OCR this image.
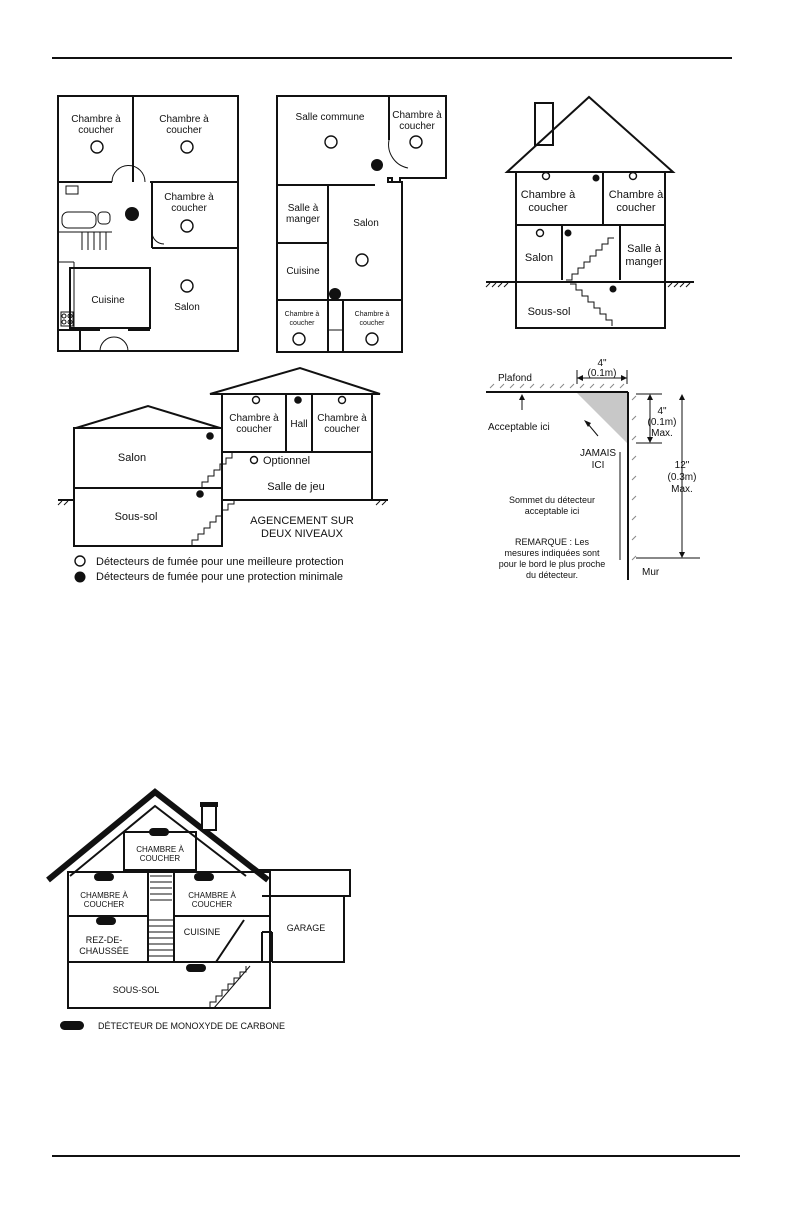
Chambre à
coucher
Chambre à
coucher
Chambre à
coucher
Cuisine
Salon
Salle commune	Chambre à
coucher
Salle à
manger	Salon
Cuisine
Chambre à
coucher
Chambre à
coucher
Chambre à
coucher
Chambre à
coucher
Salon
Salle à
manger
Sous-sol
Chambre à
coucher Hall
Chambre à
coucher
Salon	Optionnel
Salle de jeu
Sous-sol	AGENCEMENT SUR
DEUX NIVEAUX
Détecteurs de fumée pour une meilleure protection
Détecteurs de fumée pour une protection minimale
4"
(0.1m)
Plafond
Acceptable ici
4"
(0.1m)
Max.
12"
(0.3m)
Max.
JAMAIS
ICI
Sommet du détecteur
acceptable ici
REMARQUE : Les
mesures indiquées sont
pour le bord le plus proche
du détecteur.	Mur
CHAMBRE À
COUCHER
CHAMBRE À
COUCHER
CHAMBRE À
COUCHER
REZ-DE-
CHAUSSÉE
CUISINE	GARAGE
SOUS-SOL
DÉTECTEUR DE MONOXYDE DE CARBONE
